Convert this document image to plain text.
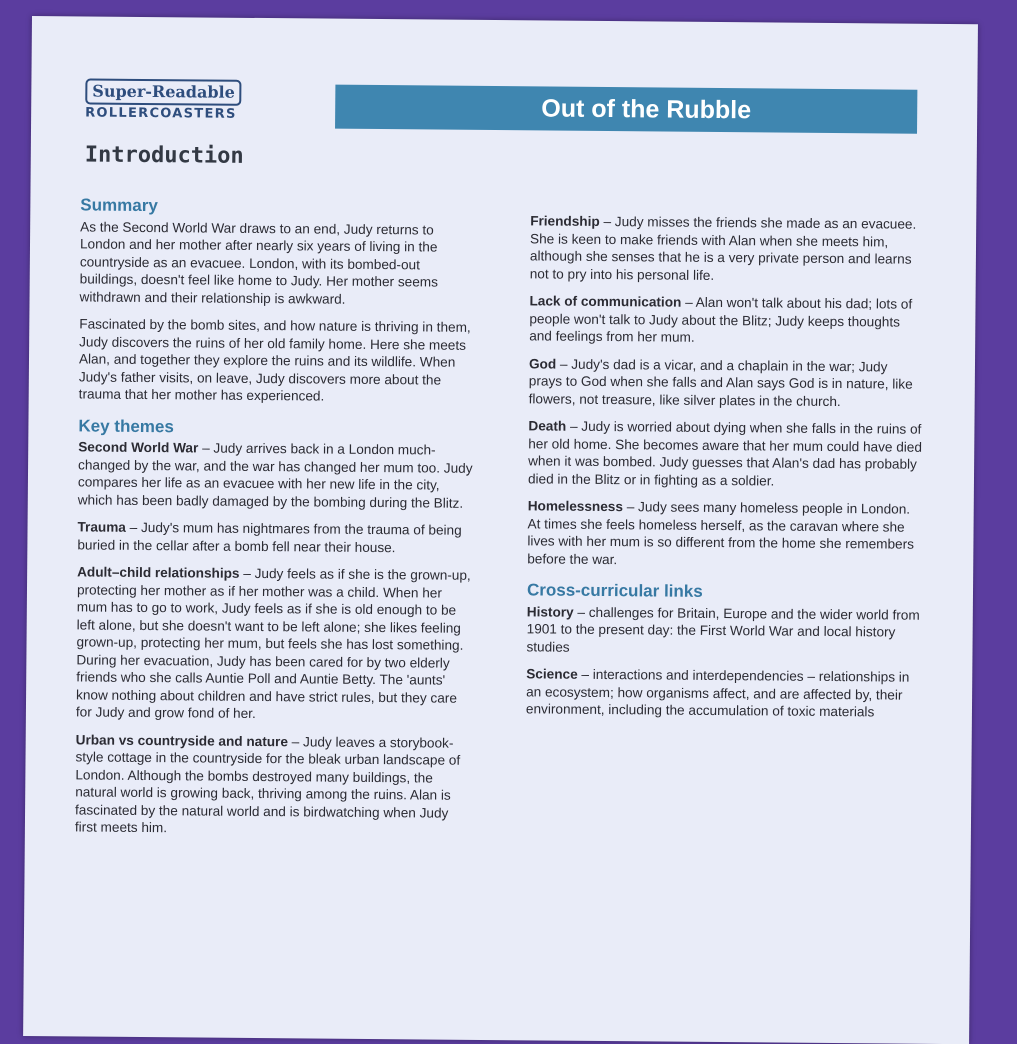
Super-Readable
ROLLERCOASTERS	Out of the Rubble
Introduction
Summary

As the Second World War draws to an end, Judy returns to London and her mother after nearly six years of living in the countryside as an evacuee. London, with its bombed-out buildings, doesn't feel like home to Judy. Her mother seems withdrawn and their relationship is awkward.

Fascinated by the bomb sites, and how nature is thriving in them, Judy discovers the ruins of her old family home. Here she meets Alan, and together they explore the ruins and its wildlife. When Judy's father visits, on leave, Judy discovers more about the trauma that her mother has experienced.

Key themes

Second World War – Judy arrives back in a London much-changed by the war, and the war has changed her mum too. Judy compares her life as an evacuee with her new life in the city, which has been badly damaged by the bombing during the Blitz.

Trauma – Judy's mum has nightmares from the trauma of being buried in the cellar after a bomb fell near their house.

Adult–child relationships – Judy feels as if she is the grown-up, protecting her mother as if her mother was a child. When her mum has to go to work, Judy feels as if she is old enough to be left alone, but she doesn't want to be left alone; she likes feeling grown-up, protecting her mum, but feels she has lost something. During her evacuation, Judy has been cared for by two elderly friends who she calls Auntie Poll and Auntie Betty. The 'aunts' know nothing about children and have strict rules, but they care for Judy and grow fond of her.

Urban vs countryside and nature – Judy leaves a storybook-style cottage in the countryside for the bleak urban landscape of London. Although the bombs destroyed many buildings, the natural world is growing back, thriving among the ruins. Alan is fascinated by the natural world and is birdwatching when Judy first meets him.

Friendship – Judy misses the friends she made as an evacuee. She is keen to make friends with Alan when she meets him, although she senses that he is a very private person and learns not to pry into his personal life.

Lack of communication – Alan won't talk about his dad; lots of people won't talk to Judy about the Blitz; Judy keeps thoughts and feelings from her mum.

God – Judy's dad is a vicar, and a chaplain in the war; Judy prays to God when she falls and Alan says God is in nature, like flowers, not treasure, like silver plates in the church.

Death – Judy is worried about dying when she falls in the ruins of her old home. She becomes aware that her mum could have died when it was bombed. Judy guesses that Alan's dad has probably died in the Blitz or in fighting as a soldier.

Homelessness – Judy sees many homeless people in London. At times she feels homeless herself, as the caravan where she lives with her mum is so different from the home she remembers before the war.

Cross-curricular links

History – challenges for Britain, Europe and the wider world from 1901 to the present day: the First World War and local history studies

Science – interactions and interdependencies – relationships in an ecosystem; how organisms affect, and are affected by, their environment, including the accumulation of toxic materials
